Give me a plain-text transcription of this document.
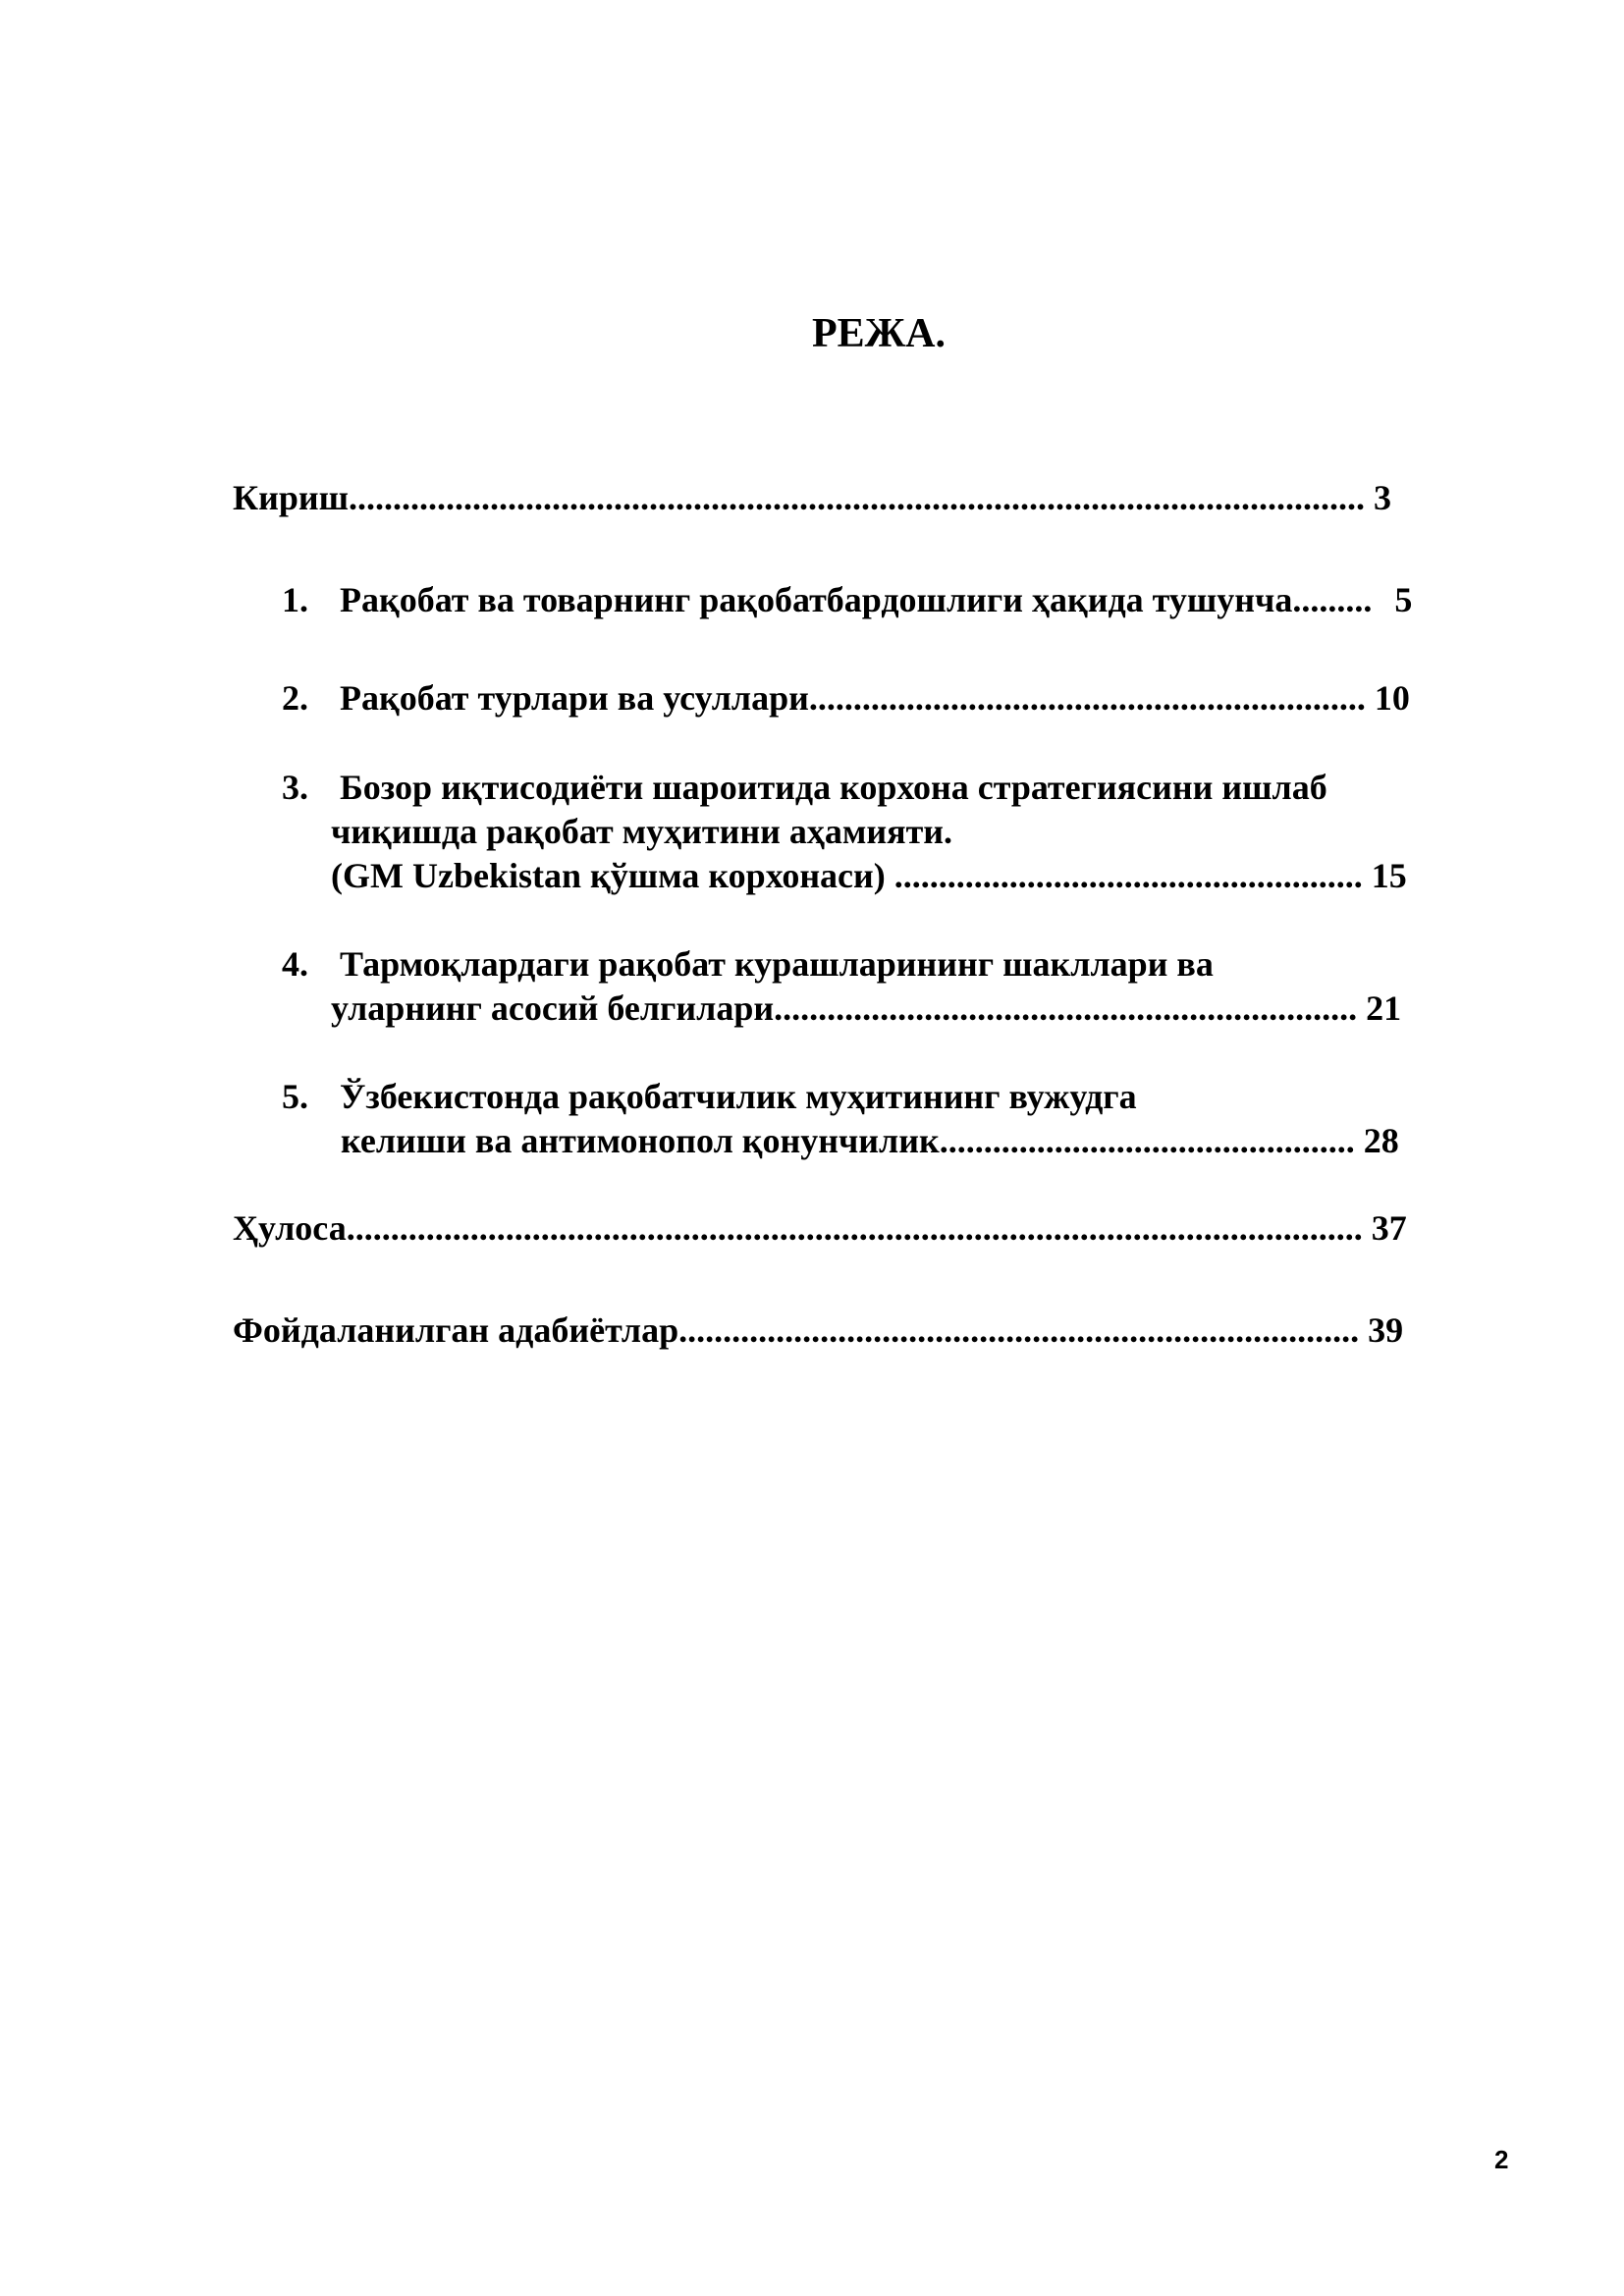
РЕЖА.
Кириш................................................................................................................... 3
1. Рақобат ва товарнинг рақобатбардошлиги ҳақида тушунча......... 5
2. Рақобат турлари ва усуллари............................................................... 10
3. Бозор иқтисодиёти шароитида корхона стратегиясини ишлаб
чиқишда рақобат муҳитини аҳамияти.
(GM Uzbekistan қўшма корхонаси) ..................................................... 15
4. Тармоқлардаги рақобат курашларининг шакллари ва
уларнинг асосий белгилари.................................................................. 21
5. Ўзбекистонда рақобатчилик муҳитининг вужудга
келиши ва антимонопол қонунчилик............................................... 28
Ҳулоса................................................................................................................... 37
Фойдаланилган адабиётлар............................................................................. 39
2
